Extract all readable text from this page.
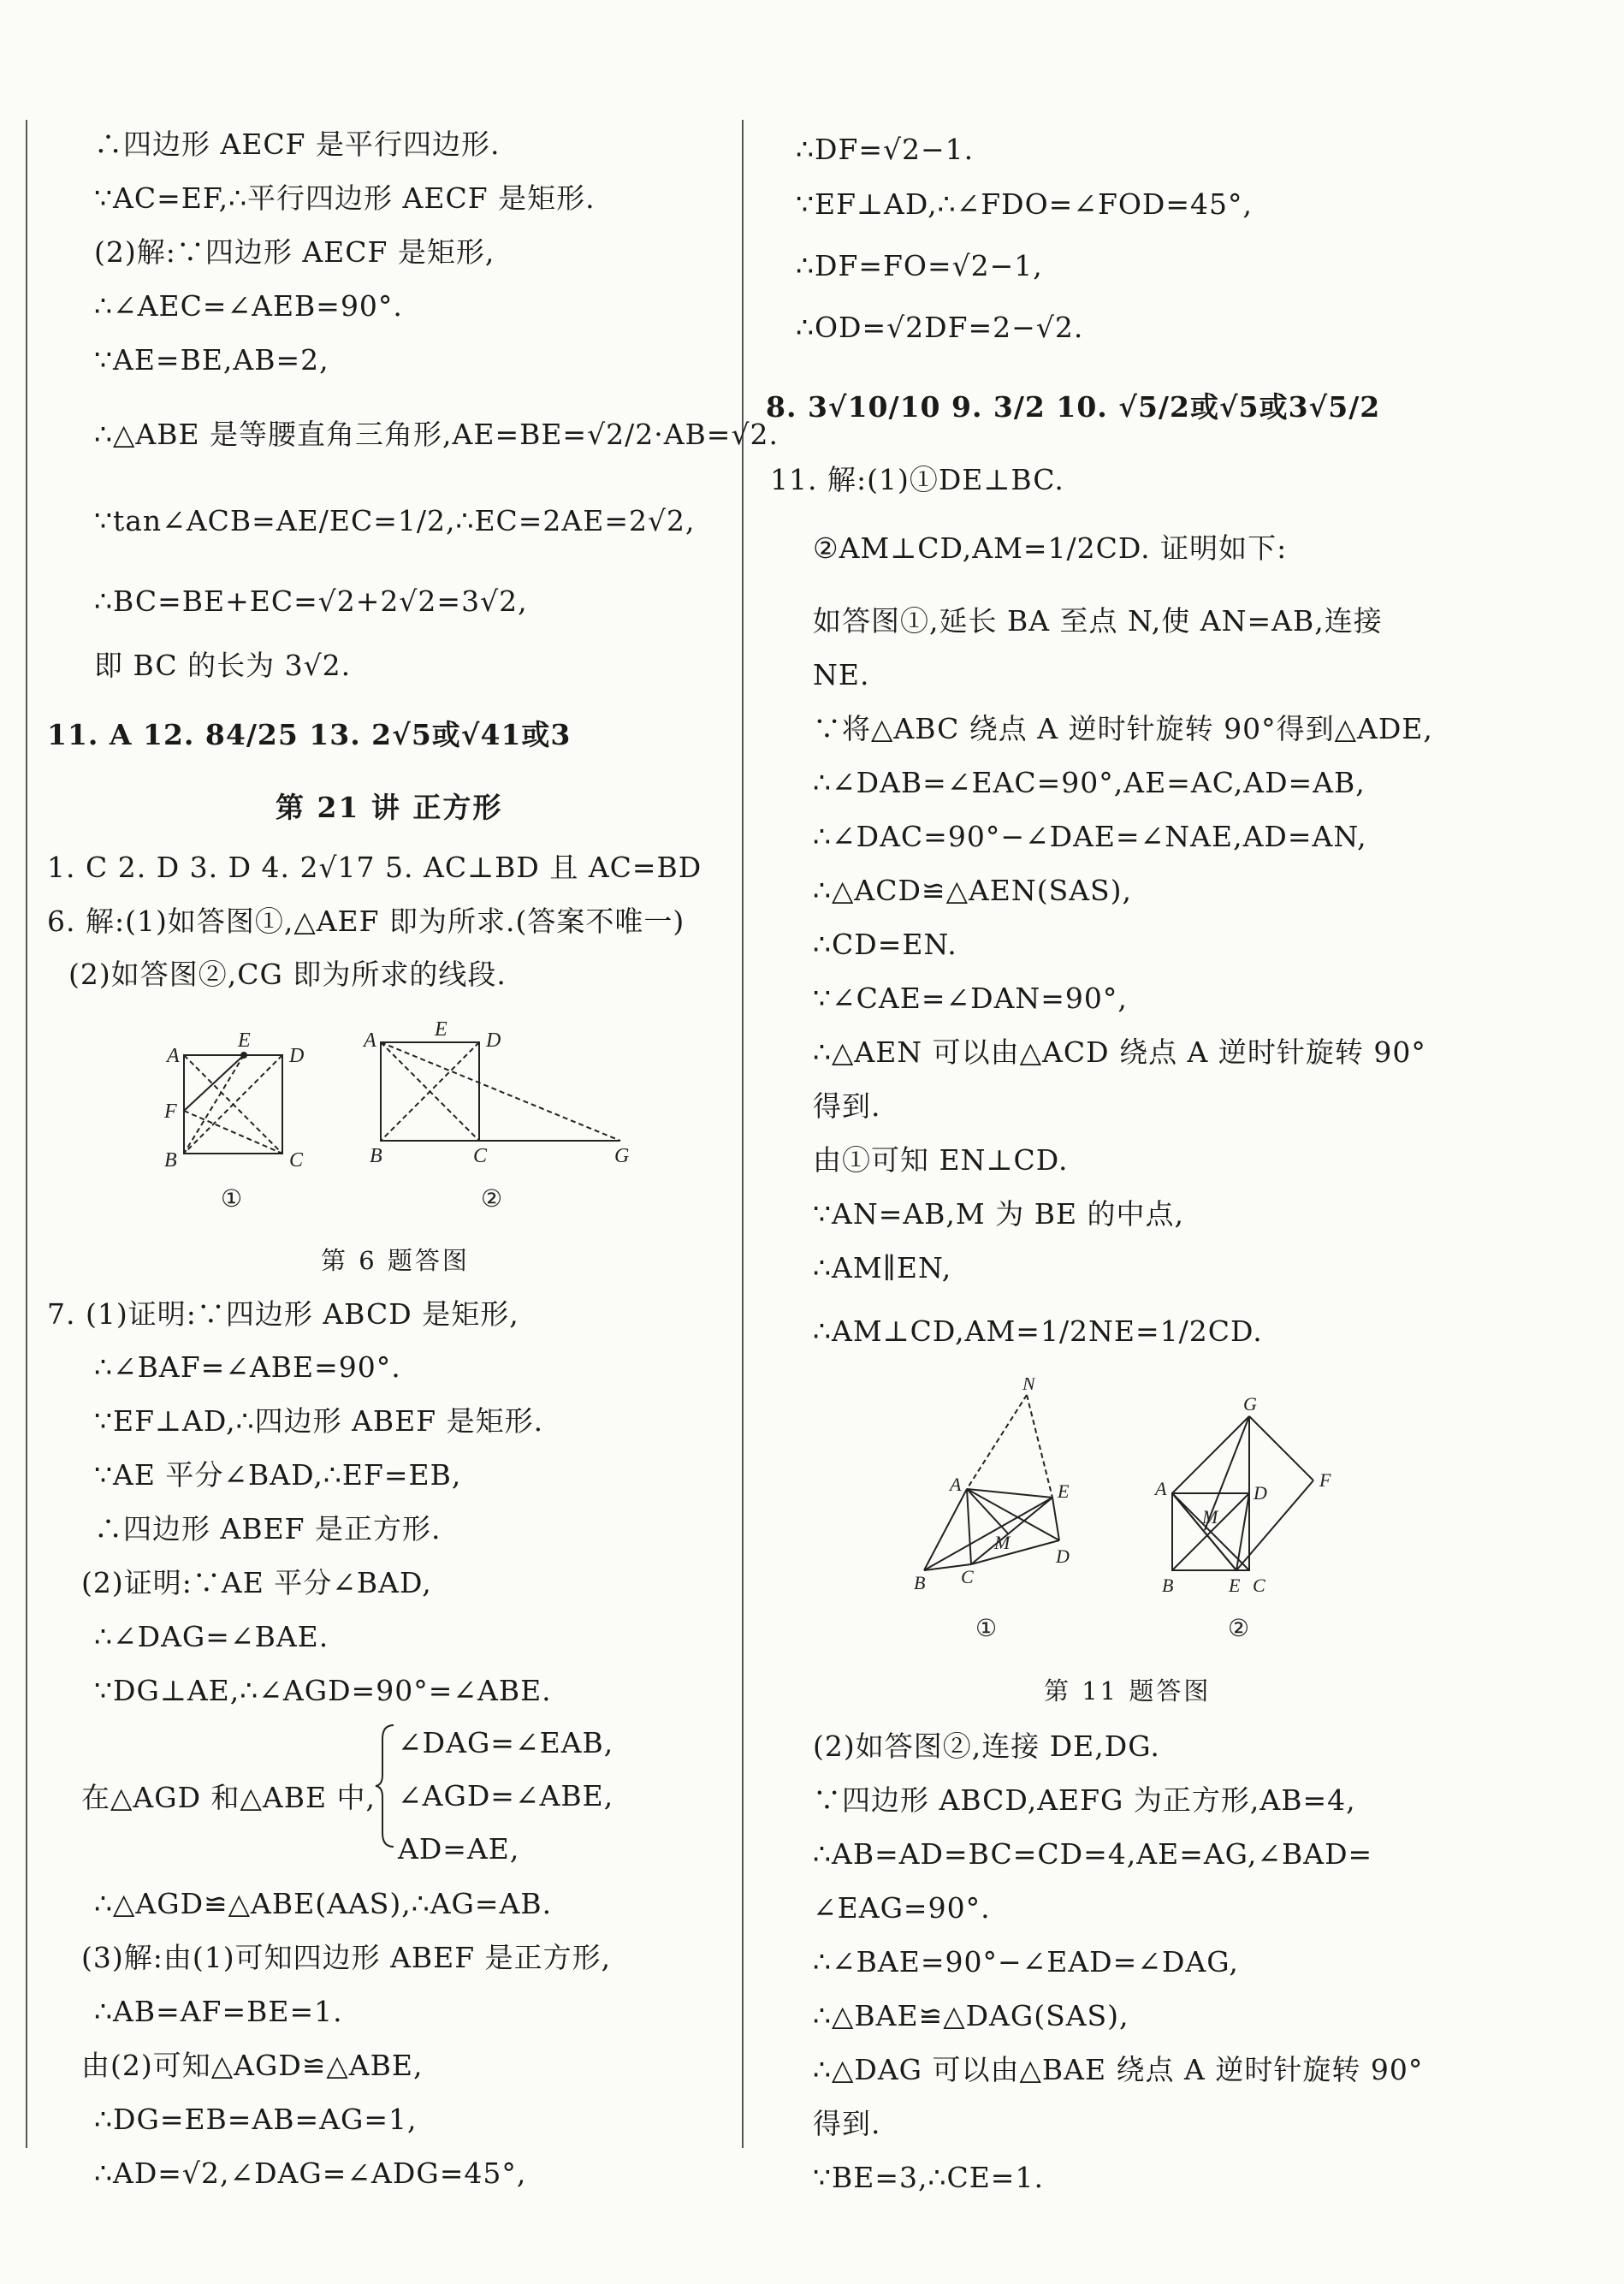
∴四边形 AECF 是平行四边形.
∵AC=EF,∴平行四边形 AECF 是矩形.
(2)解:∵四边形 AECF 是矩形,
∴∠AEC=∠AEB=90°.
∵AE=BE,AB=2,
∴△ABE 是等腰直角三角形,AE=BE=√2/2·AB=√2.
∵tan∠ACB=AE/EC=1/2,∴EC=2AE=2√2,
∴BC=BE+EC=√2+2√2=3√2,
即 BC 的长为 3√2.
11. A 12. 84/25 13. 2√5或√41或3
第 21 讲 正方形
1. C 2. D 3. D 4. 2√17 5. AC⊥BD 且 AC=BD
6. 解:(1)如答图①,△AEF 即为所求.(答案不唯一)
(2)如答图②,CG 即为所求的线段.
A
E
D
F
B	C
A	E D
B	C	G
①	②
第 6 题答图
7. (1)证明:∵四边形 ABCD 是矩形,
∴∠BAF=∠ABE=90°.
∵EF⊥AD,∴四边形 ABEF 是矩形.
∵AE 平分∠BAD,∴EF=EB,
∴四边形 ABEF 是正方形.
(2)证明:∵AE 平分∠BAD,
∴∠DAG=∠BAE.
∵DG⊥AE,∴∠AGD=90°=∠ABE.
在△AGD 和△ABE 中,
∠DAG=∠EAB,
∠AGD=∠ABE,
AD=AE,
∴△AGD≌△ABE(AAS),∴AG=AB.
(3)解:由(1)可知四边形 ABEF 是正方形,
∴AB=AF=BE=1.
由(2)可知△AGD≌△ABE,
∴DG=EB=AB=AG=1,
∴AD=√2,∠DAG=∠ADG=45°,
∴DF=√2−1.
∵EF⊥AD,∴∠FDO=∠FOD=45°,
∴DF=FO=√2−1,
∴OD=√2DF=2−√2.
8. 3√10/10 9. 3/2 10. √5/2或√5或3√5/2
11. 解:(1)①DE⊥BC.
②AM⊥CD,AM=1/2CD. 证明如下:
如答图①,延长 BA 至点 N,使 AN=AB,连接
NE.
∵将△ABC 绕点 A 逆时针旋转 90°得到△ADE,
∴∠DAB=∠EAC=90°,AE=AC,AD=AB,
∴∠DAC=90°−∠DAE=∠NAE,AD=AN,
∴△ACD≌△AEN(SAS),
∴CD=EN.
∵∠CAE=∠DAN=90°,
∴△AEN 可以由△ACD 绕点 A 逆时针旋转 90°
得到.
由①可知 EN⊥CD.
∵AN=AB,M 为 BE 的中点,
∴AM∥EN,
∴AM⊥CD,AM=1/2NE=1/2CD.
N
A	E
M
B C
D
G
A	D
M
F
B	E C
①	②
第 11 题答图
(2)如答图②,连接 DE,DG.
∵四边形 ABCD,AEFG 为正方形,AB=4,
∴AB=AD=BC=CD=4,AE=AG,∠BAD=
∠EAG=90°.
∴∠BAE=90°−∠EAD=∠DAG,
∴△BAE≌△DAG(SAS),
∴△DAG 可以由△BAE 绕点 A 逆时针旋转 90°
得到.
∵BE=3,∴CE=1.
